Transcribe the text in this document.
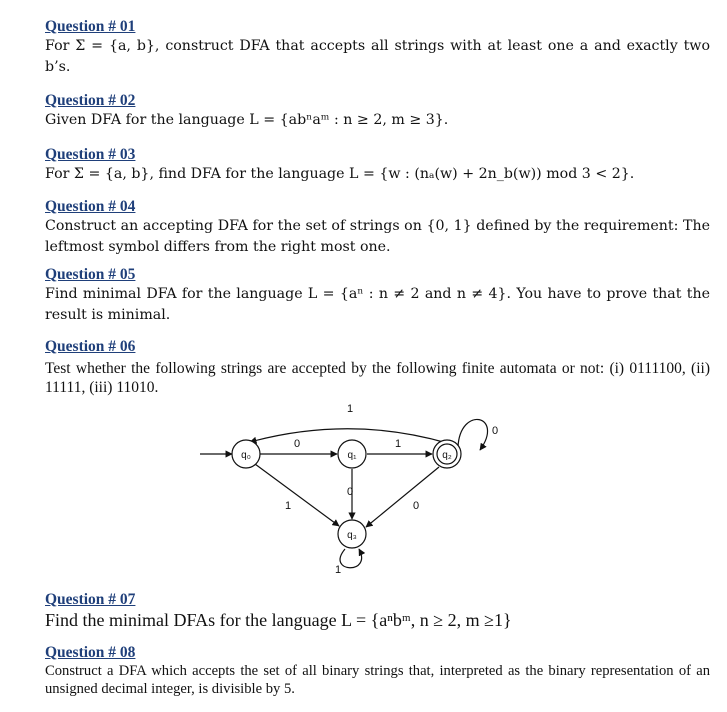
Question # 01
For Σ = {a, b}, construct DFA that accepts all strings with at least one a and exactly two b’s.
Question # 02
Given DFA for the language L = {abⁿaᵐ : n ≥ 2, m ≥ 3}.
Question # 03
For Σ = {a, b}, find DFA for the language L = {w : (nₐ(w) + 2n_b(w)) mod 3 < 2}.
Question # 04
Construct an accepting DFA for the set of strings on {0, 1} defined by the requirement: The leftmost symbol differs from the right most one.
Question # 05
Find minimal DFA for the language L = {aⁿ : n ≠ 2 and n ≠ 4}. You have to prove that the result is minimal.
Question # 06
Test whether the following strings are accepted by the following finite automata or not: (i) 0111100, (ii) 11111, (iii) 11010.
q₀	q₁	q₂
q₃
0	1
1
0
0
1	0
1
Question # 07
Find the minimal DFAs for the language L = {aⁿbᵐ, n ≥ 2, m ≥1}
Question # 08
Construct a DFA which accepts the set of all binary strings that, interpreted as the binary representation of an unsigned decimal integer, is divisible by 5.
